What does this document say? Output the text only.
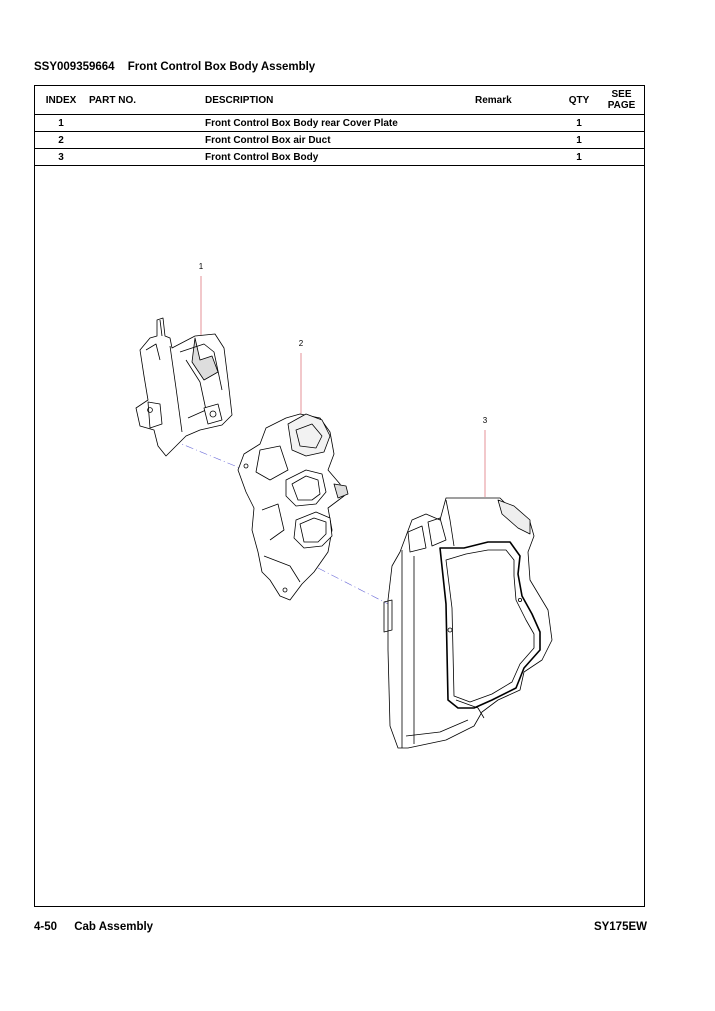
SSY009359664 Front Control Box Body Assembly
INDEX	PART NO.	DESCRIPTION	Remark	QTY	SEE PAGE
1		Front Control Box Body rear Cover Plate		1	
2		Front Control Box air Duct		1	
3		Front Control Box Body		1	
1
2
3
4-50 Cab Assembly	SY175EW
